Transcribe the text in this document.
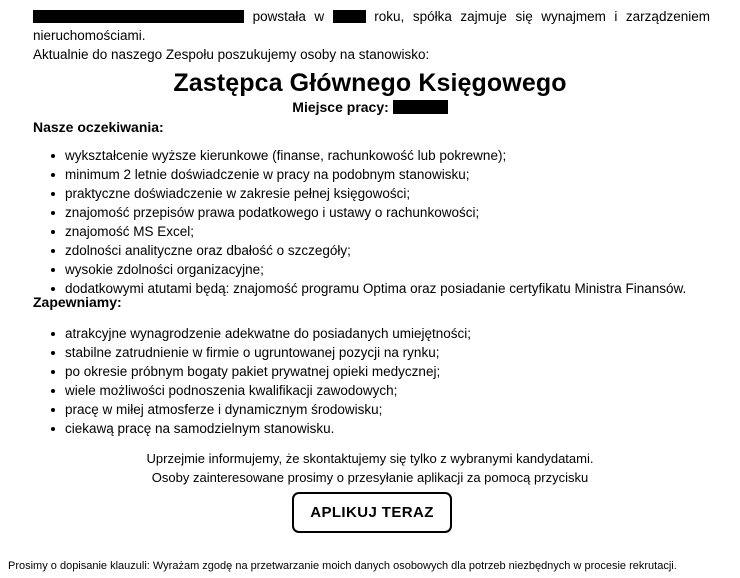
powstała w	roku, spółka zajmuje się wynajmem i zarządzeniem nieruchomościami.

Aktualnie do naszego Zespołu poszukujemy osoby na stanowisko:

Zastępca Głównego Księgowego
Miejsce pracy:
Nasze oczekiwania:
wykształcenie wyższe kierunkowe (finanse, rachunkowość lub pokrewne);
minimum 2 letnie doświadczenie w pracy na podobnym stanowisku;
praktyczne doświadczenie w zakresie pełnej księgowości;
znajomość przepisów prawa podatkowego i ustawy o rachunkowości;
znajomość MS Excel;
zdolności analityczne oraz dbałość o szczegóły;
wysokie zdolności organizacyjne;
dodatkowymi atutami będą: znajomość programu Optima oraz posiadanie certyfikatu Ministra Finansów.
Zapewniamy:
atrakcyjne wynagrodzenie adekwatne do posiadanych umiejętności;
stabilne zatrudnienie w firmie o ugruntowanej pozycji na rynku;
po okresie próbnym bogaty pakiet prywatnej opieki medycznej;
wiele możliwości podnoszenia kwalifikacji zawodowych;
pracę w miłej atmosferze i dynamicznym środowisku;
ciekawą pracę na samodzielnym stanowisku.
Uprzejmie informujemy, że skontaktujemy się tylko z wybranymi kandydatami.
Osoby zainteresowane prosimy o przesyłanie aplikacji za pomocą przycisku
APLIKUJ TERAZ
Prosimy o dopisanie klauzuli: Wyrażam zgodę na przetwarzanie moich danych osobowych dla potrzeb niezbędnych w procesie rekrutacji.
